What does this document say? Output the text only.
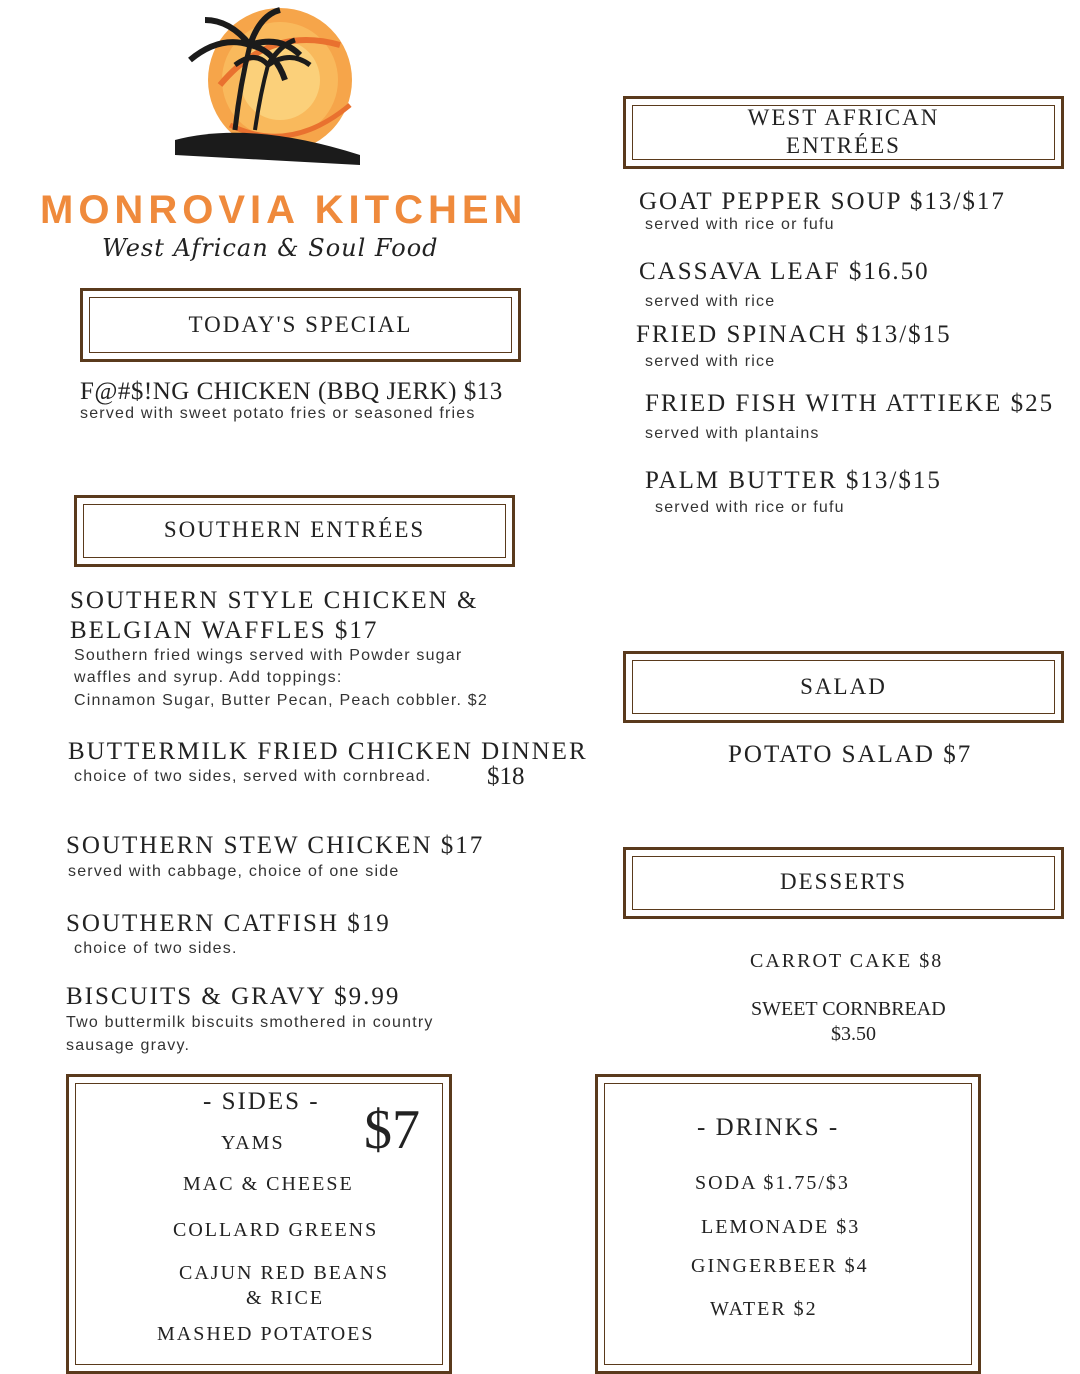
MONROVIA KITCHEN
West African & Soul Food
TODAY'S SPECIAL
F@#$!NG CHICKEN (BBQ JERK) $13
served with sweet potato fries or seasoned fries
SOUTHERN ENTRÉES
SOUTHERN STYLE CHICKEN &
BELGIAN WAFFLES $17
Southern fried wings served with Powder sugar
waffles and syrup. Add toppings:
Cinnamon Sugar, Butter Pecan, Peach cobbler. $2
BUTTERMILK FRIED CHICKEN DINNER
choice of two sides, served with cornbread. $18
SOUTHERN STEW CHICKEN $17
served with cabbage, choice of one side
SOUTHERN CATFISH $19
choice of two sides.
BISCUITS & GRAVY $9.99
Two buttermilk biscuits smothered in country
sausage gravy.
- SIDES - $7
YAMS
MAC & CHEESE
COLLARD GREENS
CAJUN RED BEANS
& RICE
MASHED POTATOES
WEST AFRICAN
ENTRÉES
GOAT PEPPER SOUP $13/$17
served with rice or fufu
CASSAVA LEAF $16.50
served with rice
FRIED SPINACH $13/$15
served with rice
FRIED FISH WITH ATTIEKE $25
served with plantains
PALM BUTTER $13/$15
served with rice or fufu
SALAD
POTATO SALAD $7
DESSERTS
CARROT CAKE $8
SWEET CORNBREAD
$3.50
- DRINKS -
SODA $1.75/$3
LEMONADE $3
GINGERBEER $4
WATER $2
